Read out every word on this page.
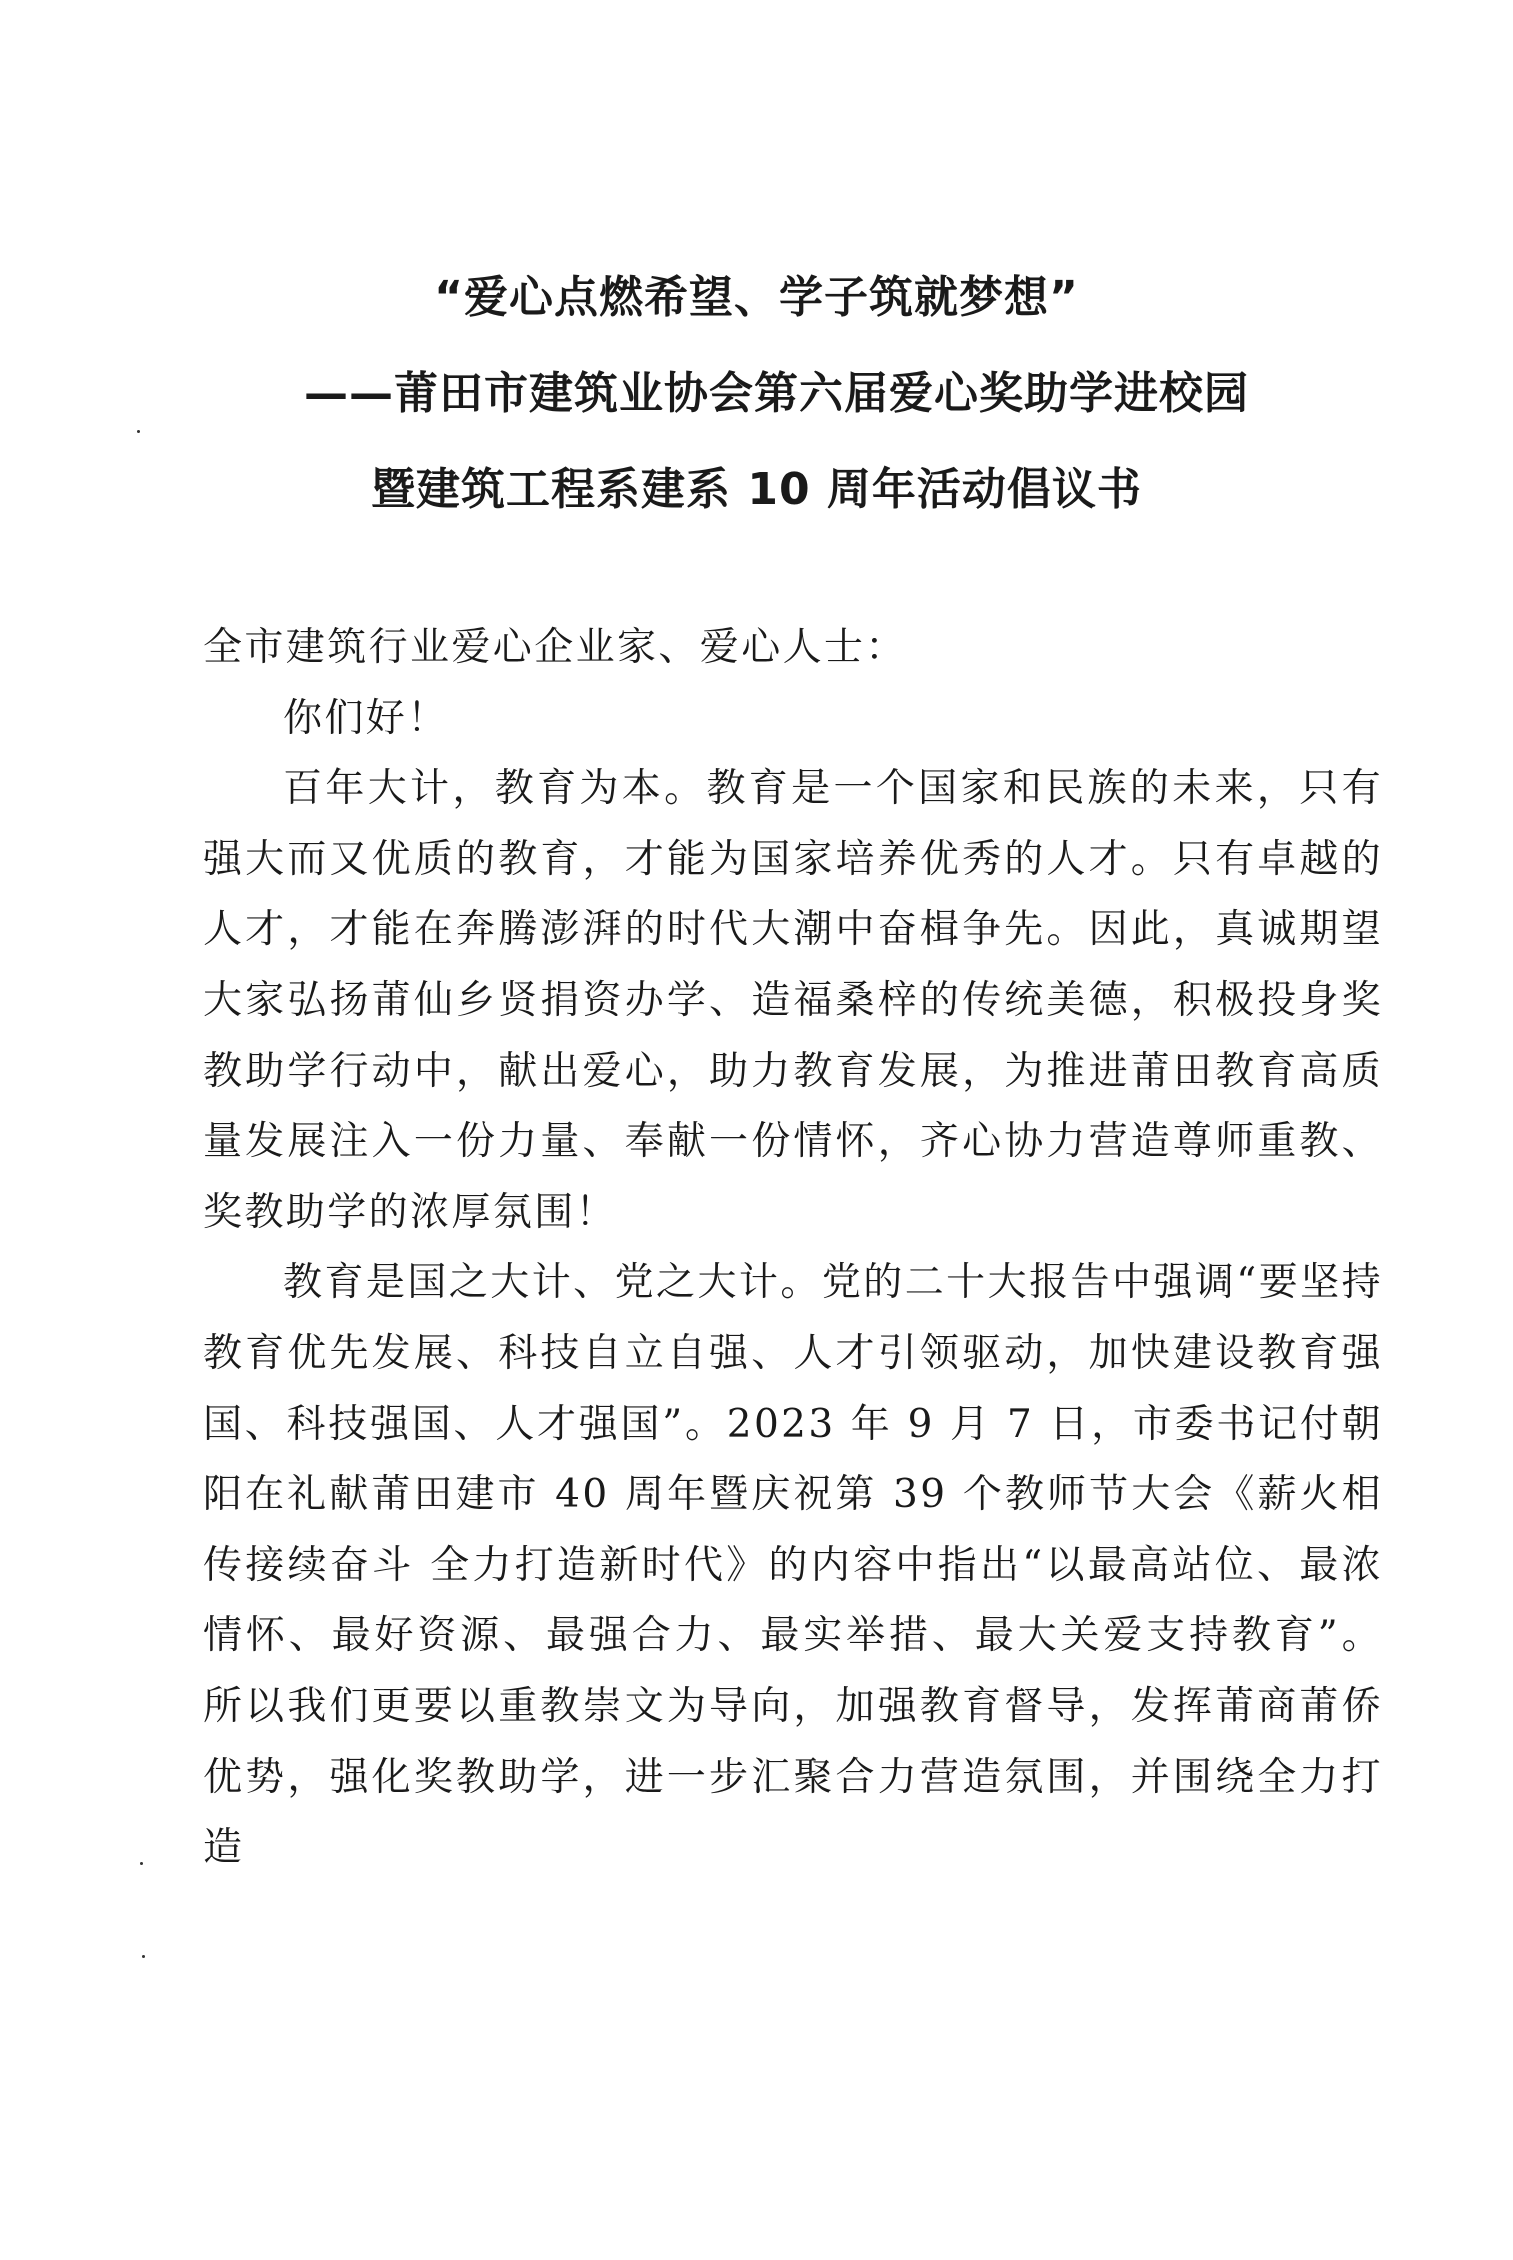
“爱心点燃希望、学子筑就梦想”
——莆田市建筑业协会第六届爱心奖助学进校园
暨建筑工程系建系 10 周年活动倡议书

全市建筑行业爱心企业家、爱心人士：

你们好！

百年大计，教育为本。教育是一个国家和民族的未来，只有强大而又优质的教育，才能为国家培养优秀的人才。只有卓越的人才，才能在奔腾澎湃的时代大潮中奋楫争先。因此，真诚期望大家弘扬莆仙乡贤捐资办学、造福桑梓的传统美德，积极投身奖教助学行动中，献出爱心，助力教育发展，为推进莆田教育高质量发展注入一份力量、奉献一份情怀，齐心协力营造尊师重教、奖教助学的浓厚氛围！

教育是国之大计、党之大计。党的二十大报告中强调“要坚持教育优先发展、科技自立自强、人才引领驱动，加快建设教育强国、科技强国、人才强国”。2023 年 9 月 7 日，市委书记付朝阳在礼献莆田建市 40 周年暨庆祝第 39 个教师节大会《薪火相传接续奋斗 全力打造新时代》的内容中指出“以最高站位、最浓情怀、最好资源、最强合力、最实举措、最大关爱支持教育”。所以我们更要以重教崇文为导向，加强教育督导，发挥莆商莆侨优势，强化奖教助学，进一步汇聚合力营造氛围，并围绕全力打造
